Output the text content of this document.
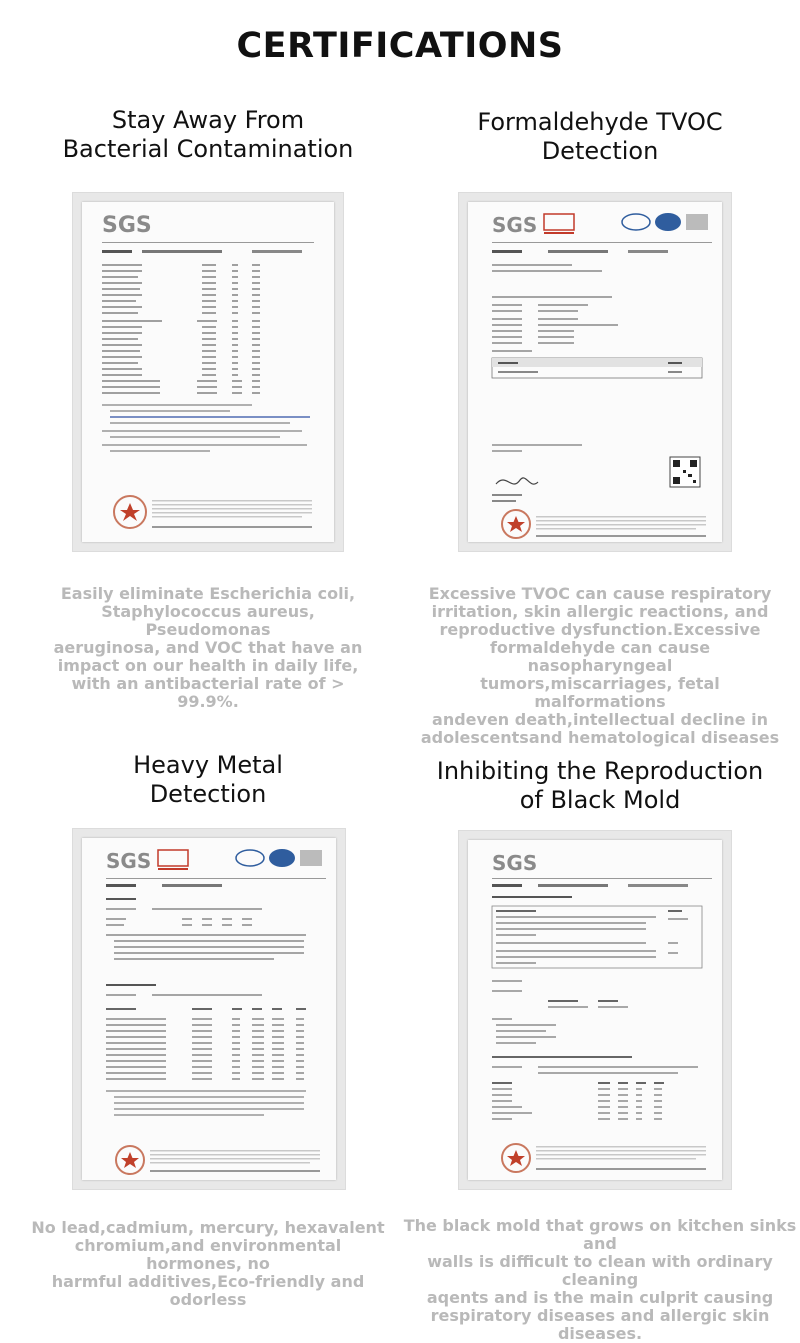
CERTIFICATIONS
Stay Away From
Bacterial Contamination
SGS
Easily eliminate Escherichia coli,
Staphylococcus aureus, Pseudomonas
aeruginosa, and VOC that have an
impact on our health in daily life,
with an antibacterial rate of > 99.9%.
Formaldehyde TVOC
Detection
SGS
Excessive TVOC can cause respiratory
irritation, skin allergic reactions, and
reproductive dysfunction.Excessive
formaldehyde can cause nasopharyngeal
tumors,miscarriages, fetal malformations
andeven death,intellectual decline in
adolescentsand hematological diseases
Heavy Metal
Detection
SGS
No lead,cadmium, mercury, hexavalent
chromium,and environmental hormones, no
harmful additives,Eco-friendly and odorless
Inhibiting the Reproduction
of Black Mold
SGS
The black mold that grows on kitchen sinks and
walls is difficult to clean with ordinary cleaning
aqents and is the main culprit causing
respiratory diseases and allergic skin diseases.
